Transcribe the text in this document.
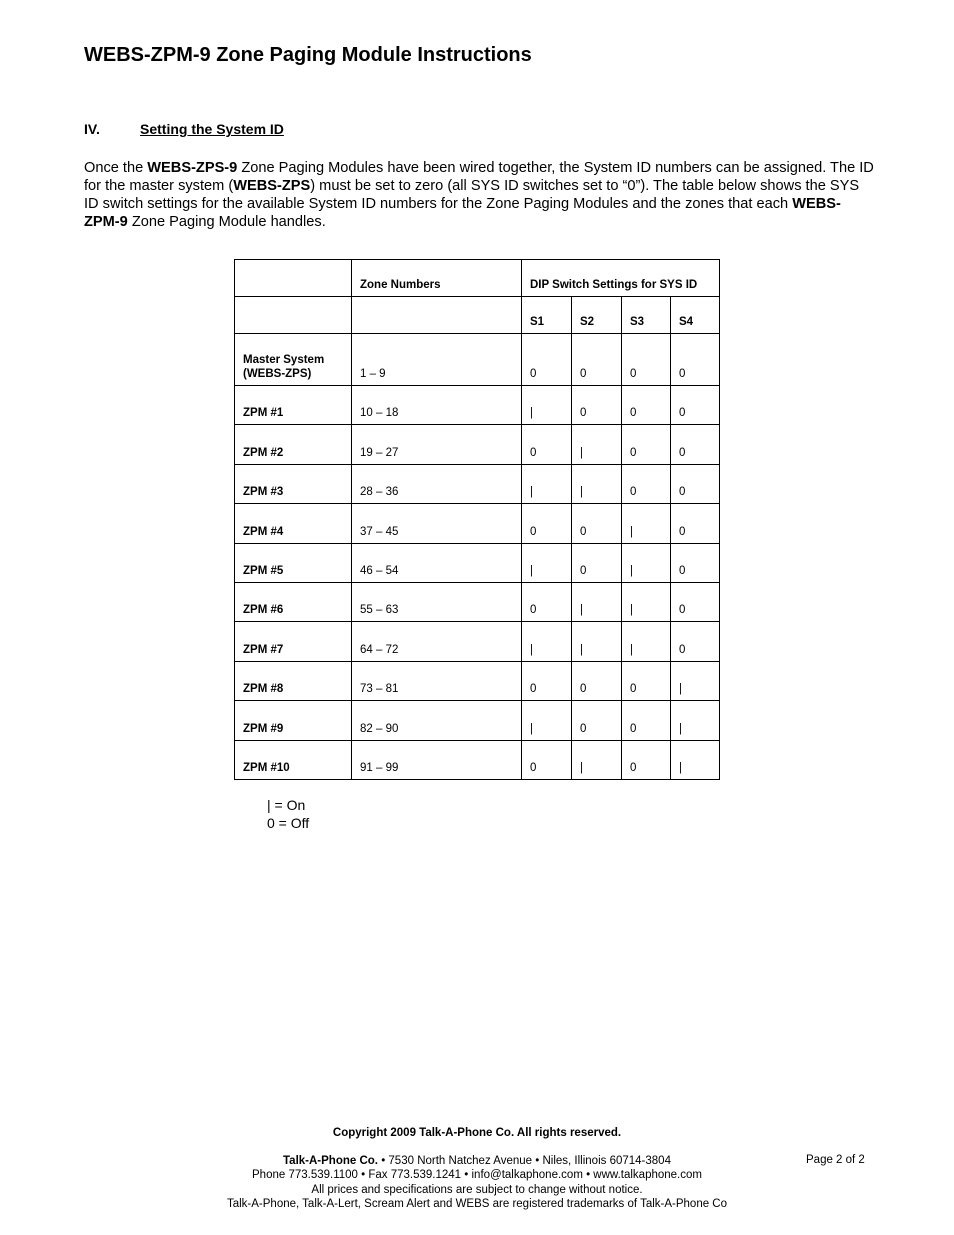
WEBS-ZPM-9 Zone Paging Module Instructions
IV.	Setting the System ID

Once the WEBS-ZPS-9 Zone Paging Modules have been wired together, the System ID numbers can be assigned. The ID for the master system (WEBS-ZPS) must be set to zero (all SYS ID switches set to “0”). The table below shows the SYS ID switch settings for the available System ID numbers for the Zone Paging Modules and the zones that each WEBS-ZPM-9 Zone Paging Module handles.

	Zone Numbers	DIP Switch Settings for SYS ID			
		S1	S2	S3	S4
Master System
(WEBS-ZPS)	1 – 9	0	0	0	0
ZPM #1	10 – 18	|	0	0	0
ZPM #2	19 – 27	0	|	0	0
ZPM #3	28 – 36	|	|	0	0
ZPM #4	37 – 45	0	0	|	0
ZPM #5	46 – 54	|	0	|	0
ZPM #6	55 – 63	0	|	|	0
ZPM #7	64 – 72	|	|	|	0
ZPM #8	73 – 81	0	0	0	|
ZPM #9	82 – 90	|	0	0	|
ZPM #10	91 – 99	0	|	0	|
| = On
0 = Off
Copyright 2009 Talk-A-Phone Co. All rights reserved.
Talk-A-Phone Co. • 7530 North Natchez Avenue • Niles, Illinois 60714-3804
Phone 773.539.1100 • Fax 773.539.1241 • info@talkaphone.com • www.talkaphone.com
All prices and specifications are subject to change without notice.
Talk-A-Phone, Talk-A-Lert, Scream Alert and WEBS are registered trademarks of Talk-A-Phone Co
Page 2 of 2
